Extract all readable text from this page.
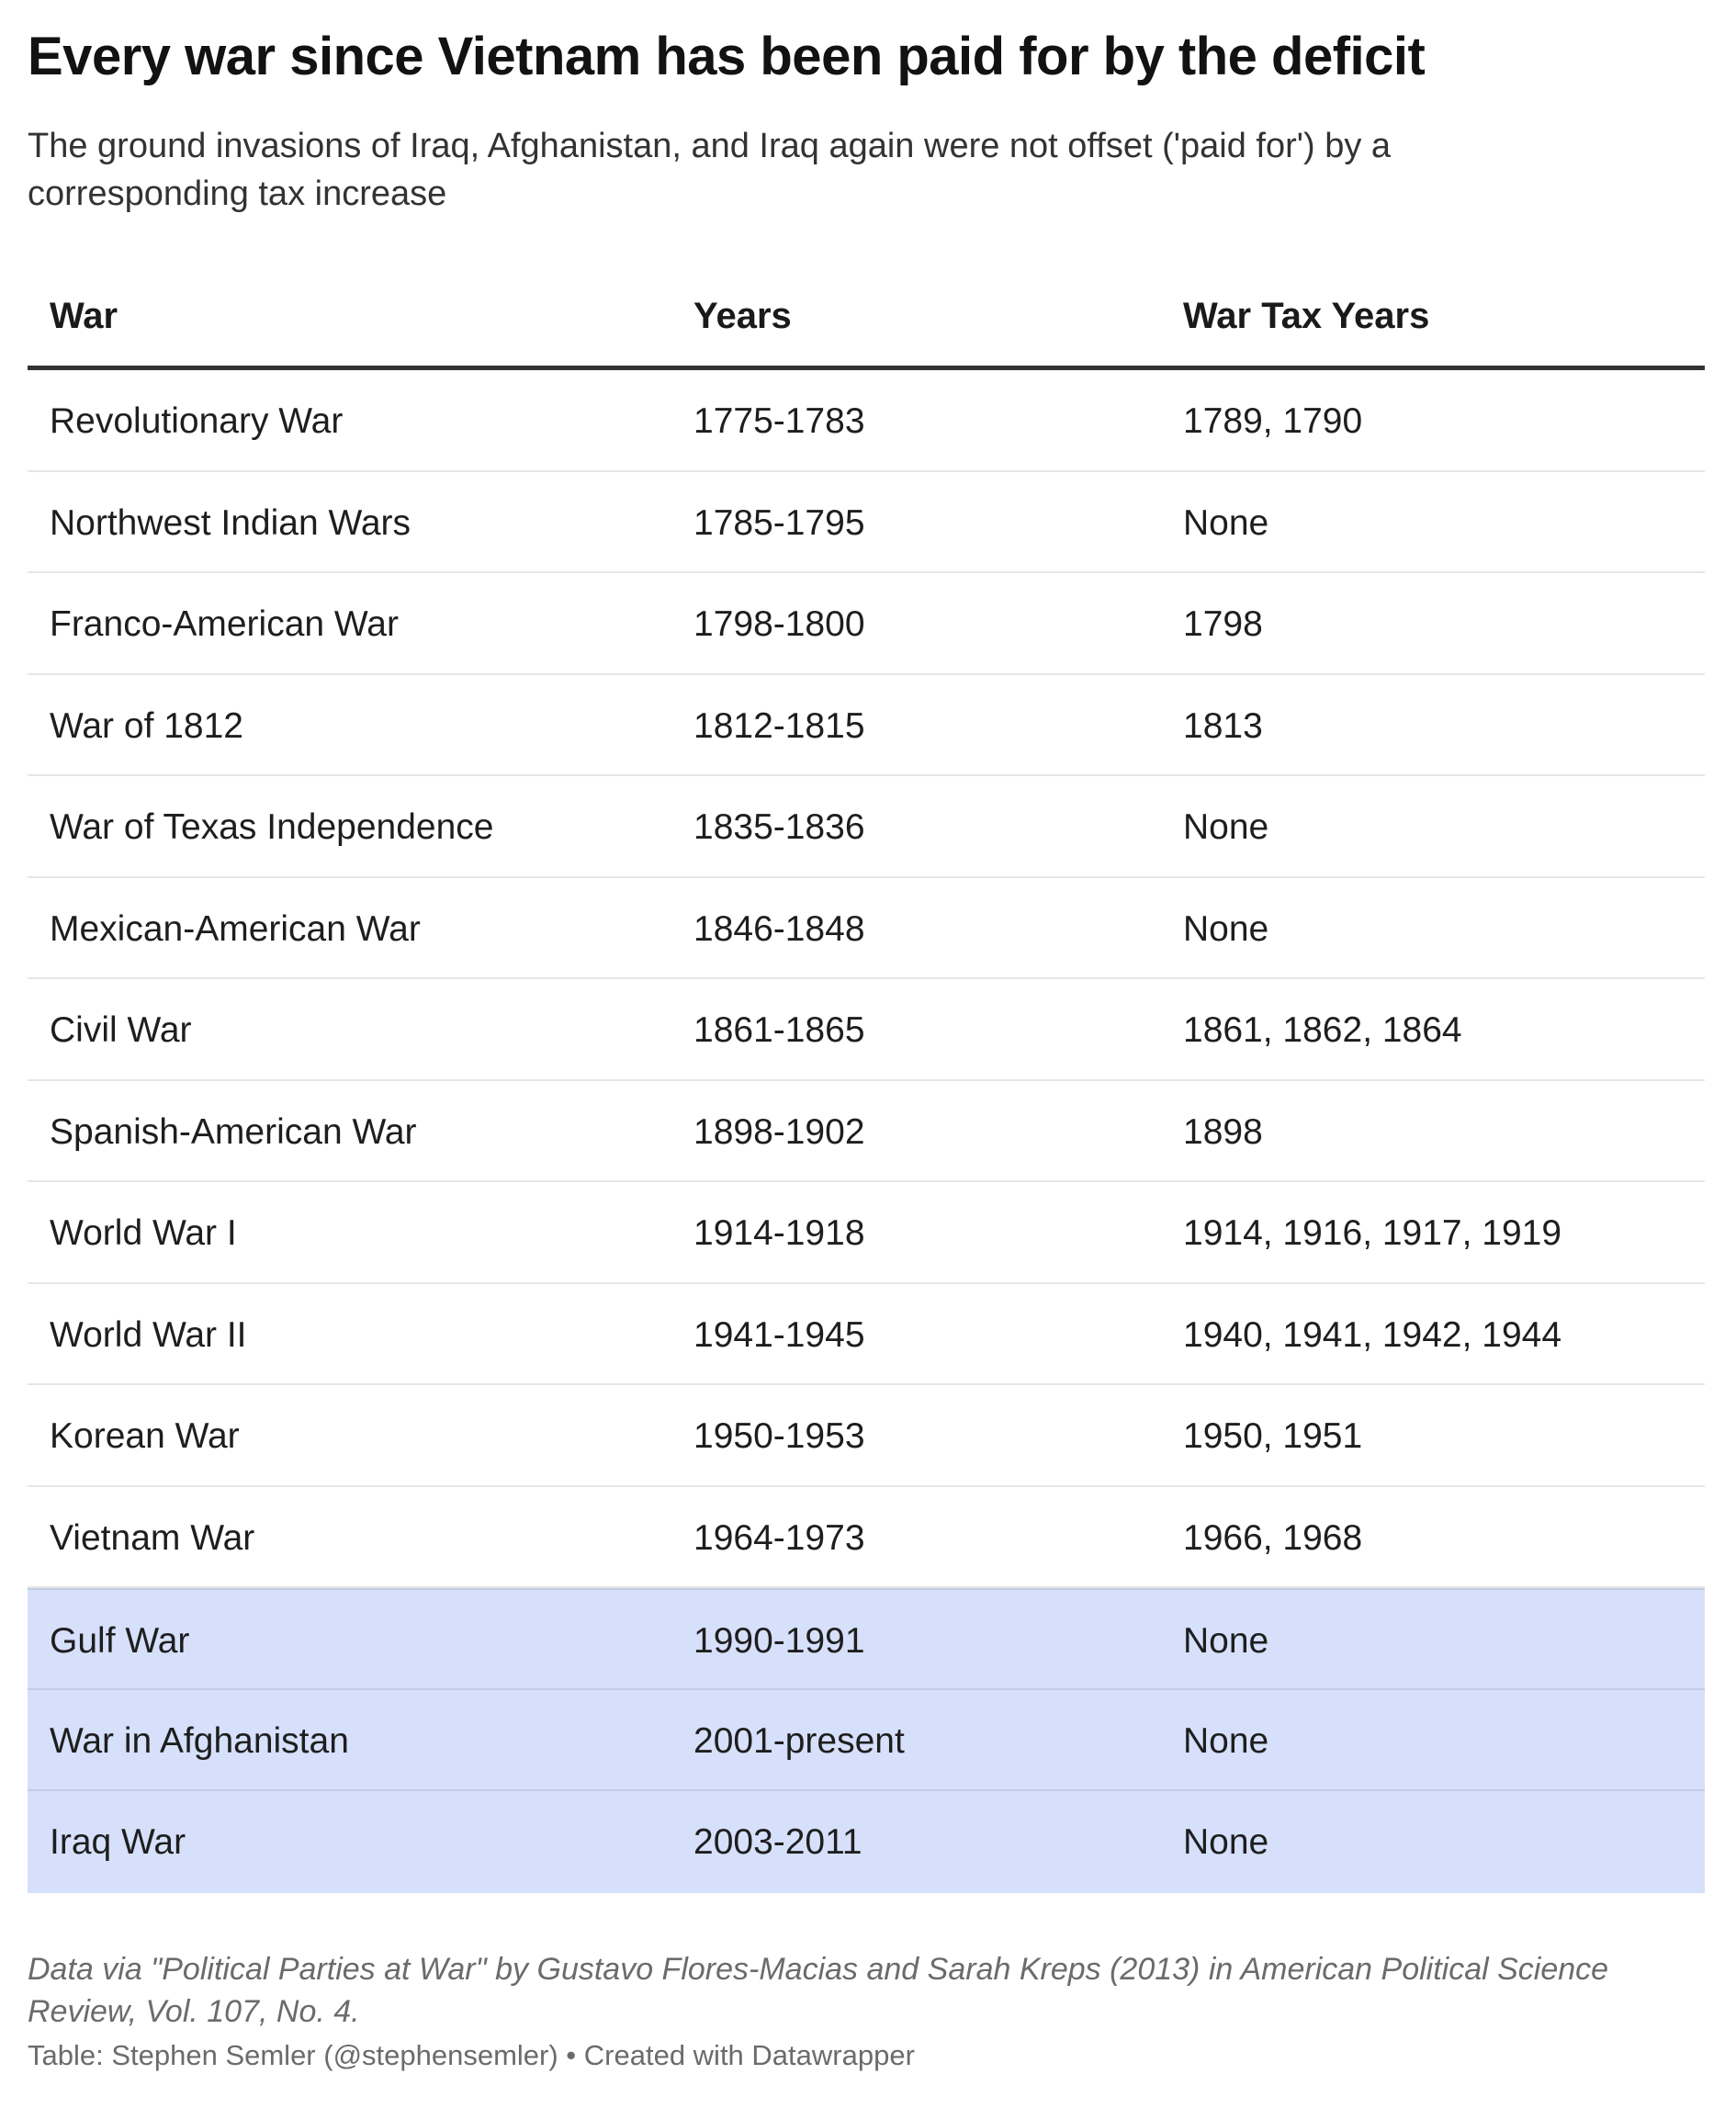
Every war since Vietnam has been paid for by the deficit
The ground invasions of Iraq, Afghanistan, and Iraq again were not offset ('paid for') by a corresponding tax increase
War	Years	War Tax Years
Revolutionary War	1775-1783	1789, 1790
Northwest Indian Wars	1785-1795	None
Franco-American War	1798-1800	1798
War of 1812	1812-1815	1813
War of Texas Independence	1835-1836	None
Mexican-American War	1846-1848	None
Civil War	1861-1865	1861, 1862, 1864
Spanish-American War	1898-1902	1898
World War I	1914-1918	1914, 1916, 1917, 1919
World War II	1941-1945	1940, 1941, 1942, 1944
Korean War	1950-1953	1950, 1951
Vietnam War	1964-1973	1966, 1968
Gulf War	1990-1991	None
War in Afghanistan	2001-present	None
Iraq War	2003-2011	None
Data via "Political Parties at War" by Gustavo Flores-Macias and Sarah Kreps (2013) in American Political Science Review, Vol. 107, No. 4.
Table: Stephen Semler (@stephensemler) • Created with Datawrapper
